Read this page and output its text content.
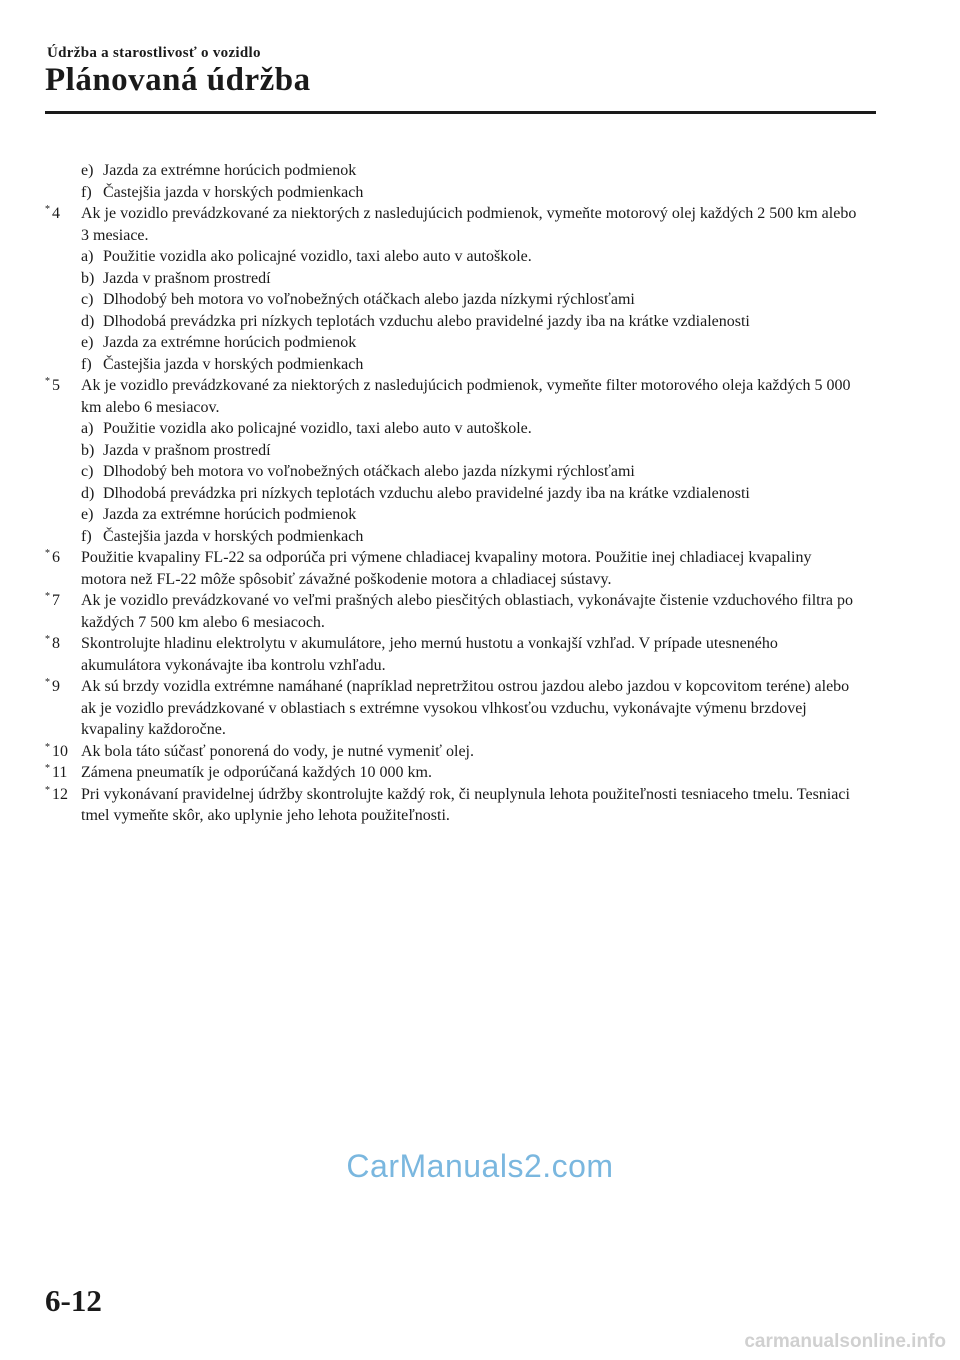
Údržba a starostlivosť o vozidlo
Plánovaná údržba
e) Jazda za extrémne horúcich podmienok
f) Častejšia jazda v horských podmienkach
* 4 Ak je vozidlo prevádzkované za niektorých z nasledujúcich podmienok, vymeňte motorový olej každých 2 500 km alebo 3 mesiace.
a) Použitie vozidla ako policajné vozidlo, taxi alebo auto v autoškole.
b) Jazda v prašnom prostredí
c) Dlhodobý beh motora vo voľnobežných otáčkach alebo jazda nízkymi rýchlosťami
d) Dlhodobá prevádzka pri nízkych teplotách vzduchu alebo pravidelné jazdy iba na krátke vzdialenosti
e) Jazda za extrémne horúcich podmienok
f) Častejšia jazda v horských podmienkach
* 5 Ak je vozidlo prevádzkované za niektorých z nasledujúcich podmienok, vymeňte filter motorového oleja každých 5 000 km alebo 6 mesiacov.
a) Použitie vozidla ako policajné vozidlo, taxi alebo auto v autoškole.
b) Jazda v prašnom prostredí
c) Dlhodobý beh motora vo voľnobežných otáčkach alebo jazda nízkymi rýchlosťami
d) Dlhodobá prevádzka pri nízkych teplotách vzduchu alebo pravidelné jazdy iba na krátke vzdialenosti
e) Jazda za extrémne horúcich podmienok
f) Častejšia jazda v horských podmienkach
* 6 Použitie kvapaliny FL-22 sa odporúča pri výmene chladiacej kvapaliny motora. Použitie inej chladiacej kvapaliny motora než FL-22 môže spôsobiť závažné poškodenie motora a chladiacej sústavy.
* 7 Ak je vozidlo prevádzkované vo veľmi prašných alebo piesčitých oblastiach, vykonávajte čistenie vzduchového filtra po každých 7 500 km alebo 6 mesiacoch.
* 8 Skontrolujte hladinu elektrolytu v akumulátore, jeho mernú hustotu a vonkajší vzhľad. V prípade utesneného akumulátora vykonávajte iba kontrolu vzhľadu.
* 9 Ak sú brzdy vozidla extrémne namáhané (napríklad nepretržitou ostrou jazdou alebo jazdou v kopcovitom teréne) alebo ak je vozidlo prevádzkované v oblastiach s extrémne vysokou vlhkosťou vzduchu, vykonávajte výmenu brzdovej kvapaliny každoročne.
* 10 Ak bola táto súčasť ponorená do vody, je nutné vymeniť olej.
* 11 Zámena pneumatík je odporúčaná každých 10 000 km.
* 12 Pri vykonávaní pravidelnej údržby skontrolujte každý rok, či neuplynula lehota použiteľnosti tesniaceho tmelu. Tesniaci tmel vymeňte skôr, ako uplynie jeho lehota použiteľnosti.
CarManuals2.com
6-12
carmanualsonline.info
